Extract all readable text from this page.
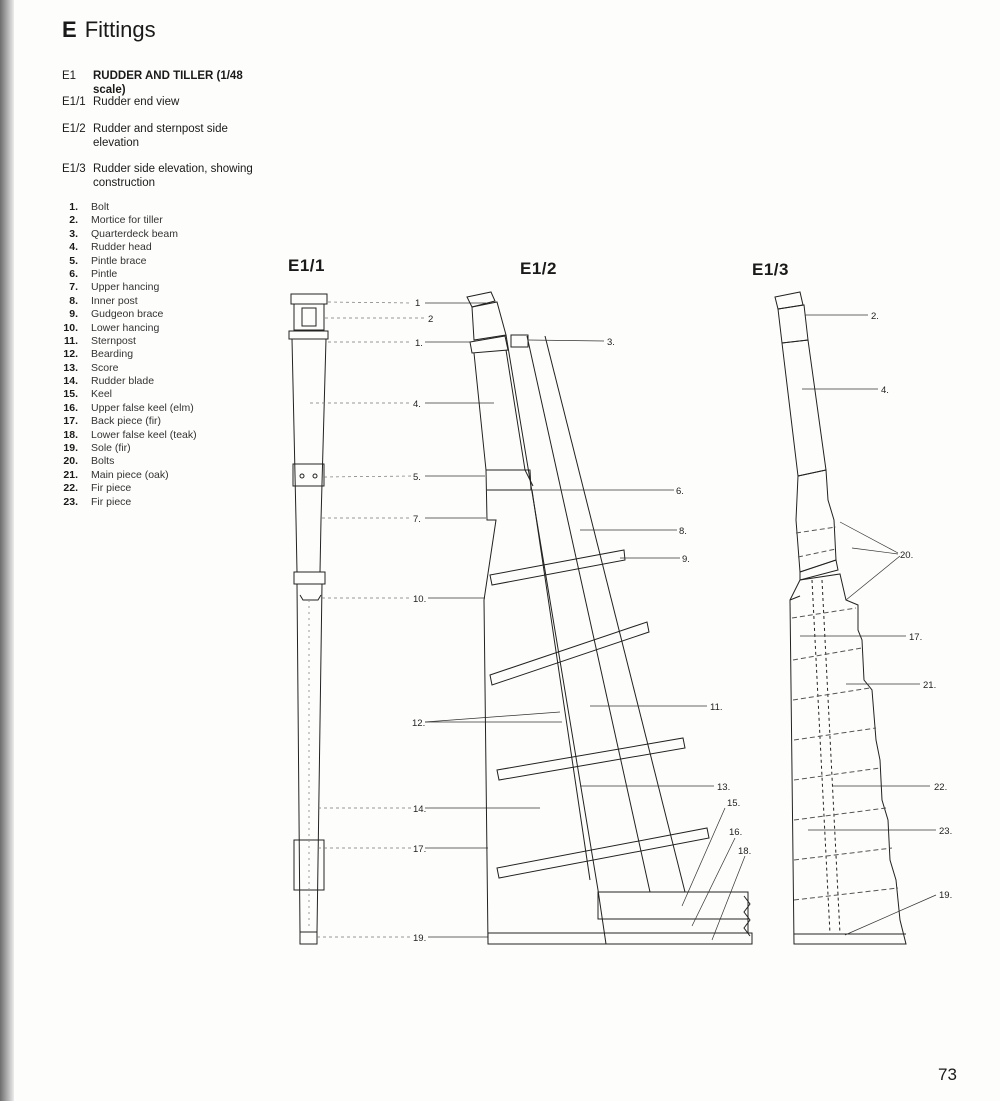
E Fittings
E1	RUDDER AND TILLER (1/48 scale)
E1/1 Rudder end view
E1/2 Rudder and sternpost side elevation
E1/3 Rudder side elevation, showing construction
1. Bolt
2. Mortice for tiller
3. Quarterdeck beam
4. Rudder head
5. Pintle brace
6. Pintle
7. Upper hancing
8. Inner post
9. Gudgeon brace
10. Lower hancing
11. Sternpost
12. Bearding
13. Score
14. Rudder blade
15. Keel
16. Upper false keel (elm)
17. Back piece (fir)
18. Lower false keel (teak)
19. Sole (fir)
20. Bolts
21. Main piece (oak)
22. Fir piece
23. Fir piece
E1/1	E1/2	E1/3
1
2
1.
4.
5.
7.
10.
12.
14.
17.
19.
3.
6.
8.
9.
11.
13.
15.
16.
18.
2.
4.
20.
17.
21.
22.
23.
19.
73
